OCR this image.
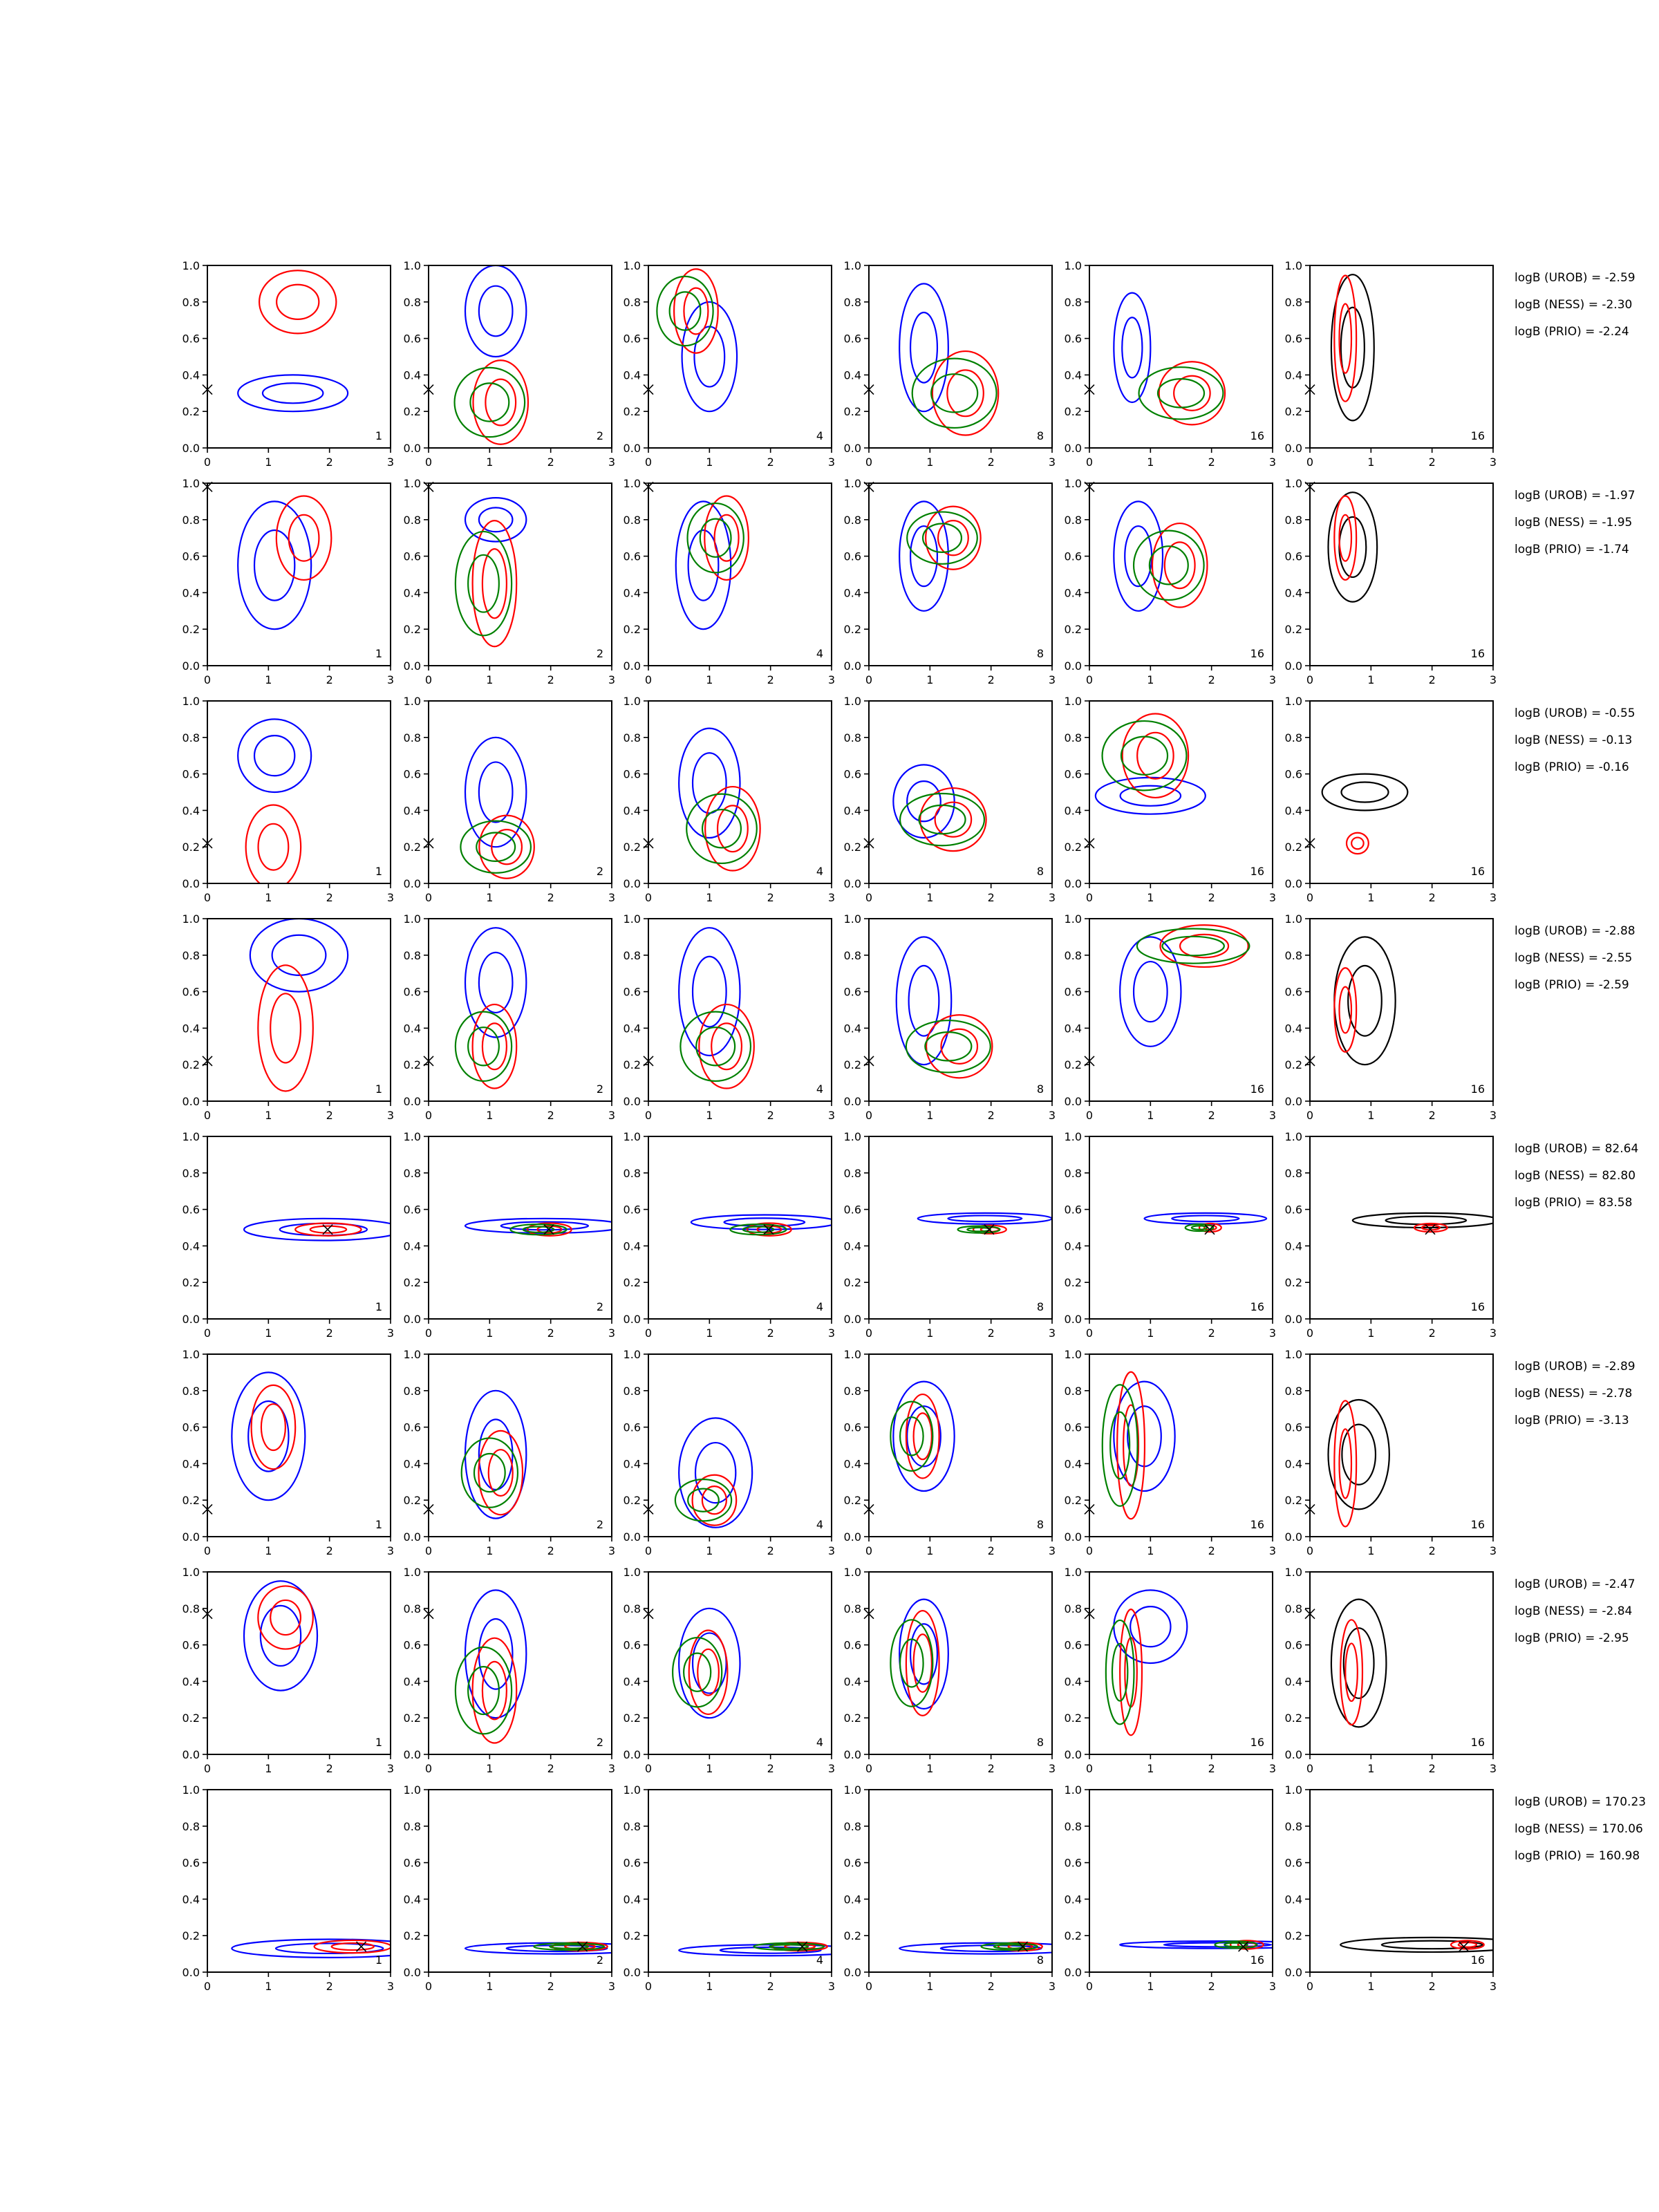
0	1	2	3
0.0
0.2
0.4
0.6
0.8
1.0
1
0	1	2	3
0.0
0.2
0.4
0.6
0.8
1.0
2
0	1	2	3
0.0
0.2
0.4
0.6
0.8
1.0
4
0	1	2	3
0.0
0.2
0.4
0.6
0.8
1.0
8
0	1	2	3
0.0
0.2
0.4
0.6
0.8
1.0
16
0	1	2	3
0.0
0.2
0.4
0.6
0.8
1.0
16
logB (UROB) = -2.59
logB (NESS) = -2.30
logB (PRIO) = -2.24
0	1	2	3
0.0
0.2
0.4
0.6
0.8
1.0
1
0	1	2	3
0.0
0.2
0.4
0.6
0.8
1.0
2
0	1	2	3
0.0
0.2
0.4
0.6
0.8
1.0
4
0	1	2	3
0.0
0.2
0.4
0.6
0.8
1.0
8
0	1	2	3
0.0
0.2
0.4
0.6
0.8
1.0
16
0	1	2	3
0.0
0.2
0.4
0.6
0.8
1.0
16
logB (UROB) = -1.97
logB (NESS) = -1.95
logB (PRIO) = -1.74
0	1	2	3
0.0
0.2
0.4
0.6
0.8
1.0
1
0	1	2	3
0.0
0.2
0.4
0.6
0.8
1.0
2
0	1	2	3
0.0
0.2
0.4
0.6
0.8
1.0
4
0	1	2	3
0.0
0.2
0.4
0.6
0.8
1.0
8
0	1	2	3
0.0
0.2
0.4
0.6
0.8
1.0
16
0	1	2	3
0.0
0.2
0.4
0.6
0.8
1.0
16
logB (UROB) = -0.55
logB (NESS) = -0.13
logB (PRIO) = -0.16
0	1	2	3
0.0
0.2
0.4
0.6
0.8
1.0
1
0	1	2	3
0.0
0.2
0.4
0.6
0.8
1.0
2
0	1	2	3
0.0
0.2
0.4
0.6
0.8
1.0
4
0	1	2	3
0.0
0.2
0.4
0.6
0.8
1.0
8
0	1	2	3
0.0
0.2
0.4
0.6
0.8
1.0
16
0	1	2	3
0.0
0.2
0.4
0.6
0.8
1.0
16
logB (UROB) = -2.88
logB (NESS) = -2.55
logB (PRIO) = -2.59
0	1	2	3
0.0
0.2
0.4
0.6
0.8
1.0
1
0	1	2	3
0.0
0.2
0.4
0.6
0.8
1.0
2
0	1	2	3
0.0
0.2
0.4
0.6
0.8
1.0
4
0	1	2	3
0.0
0.2
0.4
0.6
0.8
1.0
8
0	1	2	3
0.0
0.2
0.4
0.6
0.8
1.0
16
0	1	2	3
0.0
0.2
0.4
0.6
0.8
1.0
16
logB (UROB) = 82.64
logB (NESS) = 82.80
logB (PRIO) = 83.58
0	1	2	3
0.0
0.2
0.4
0.6
0.8
1.0
1
0	1	2	3
0.0
0.2
0.4
0.6
0.8
1.0
2
0	1	2	3
0.0
0.2
0.4
0.6
0.8
1.0
4
0	1	2	3
0.0
0.2
0.4
0.6
0.8
1.0
8
0	1	2	3
0.0
0.2
0.4
0.6
0.8
1.0
16
0	1	2	3
0.0
0.2
0.4
0.6
0.8
1.0
16
logB (UROB) = -2.89
logB (NESS) = -2.78
logB (PRIO) = -3.13
0	1	2	3
0.0
0.2
0.4
0.6
0.8
1.0
1
0	1	2	3
0.0
0.2
0.4
0.6
0.8
1.0
2
0	1	2	3
0.0
0.2
0.4
0.6
0.8
1.0
4
0	1	2	3
0.0
0.2
0.4
0.6
0.8
1.0
8
0	1	2	3
0.0
0.2
0.4
0.6
0.8
1.0
16
0	1	2	3
0.0
0.2
0.4
0.6
0.8
1.0
16
logB (UROB) = -2.47
logB (NESS) = -2.84
logB (PRIO) = -2.95
0	1	2	3
0.0
0.2
0.4
0.6
0.8
1.0
1
0	1	2	3
0.0
0.2
0.4
0.6
0.8
1.0
2
0	1	2	3
0.0
0.2
0.4
0.6
0.8
1.0
4
0	1	2	3
0.0
0.2
0.4
0.6
0.8
1.0
8
0	1	2	3
0.0
0.2
0.4
0.6
0.8
1.0
16
0	1	2	3
0.0
0.2
0.4
0.6
0.8
1.0
16
logB (UROB) = 170.23
logB (NESS) = 170.06
logB (PRIO) = 160.98
